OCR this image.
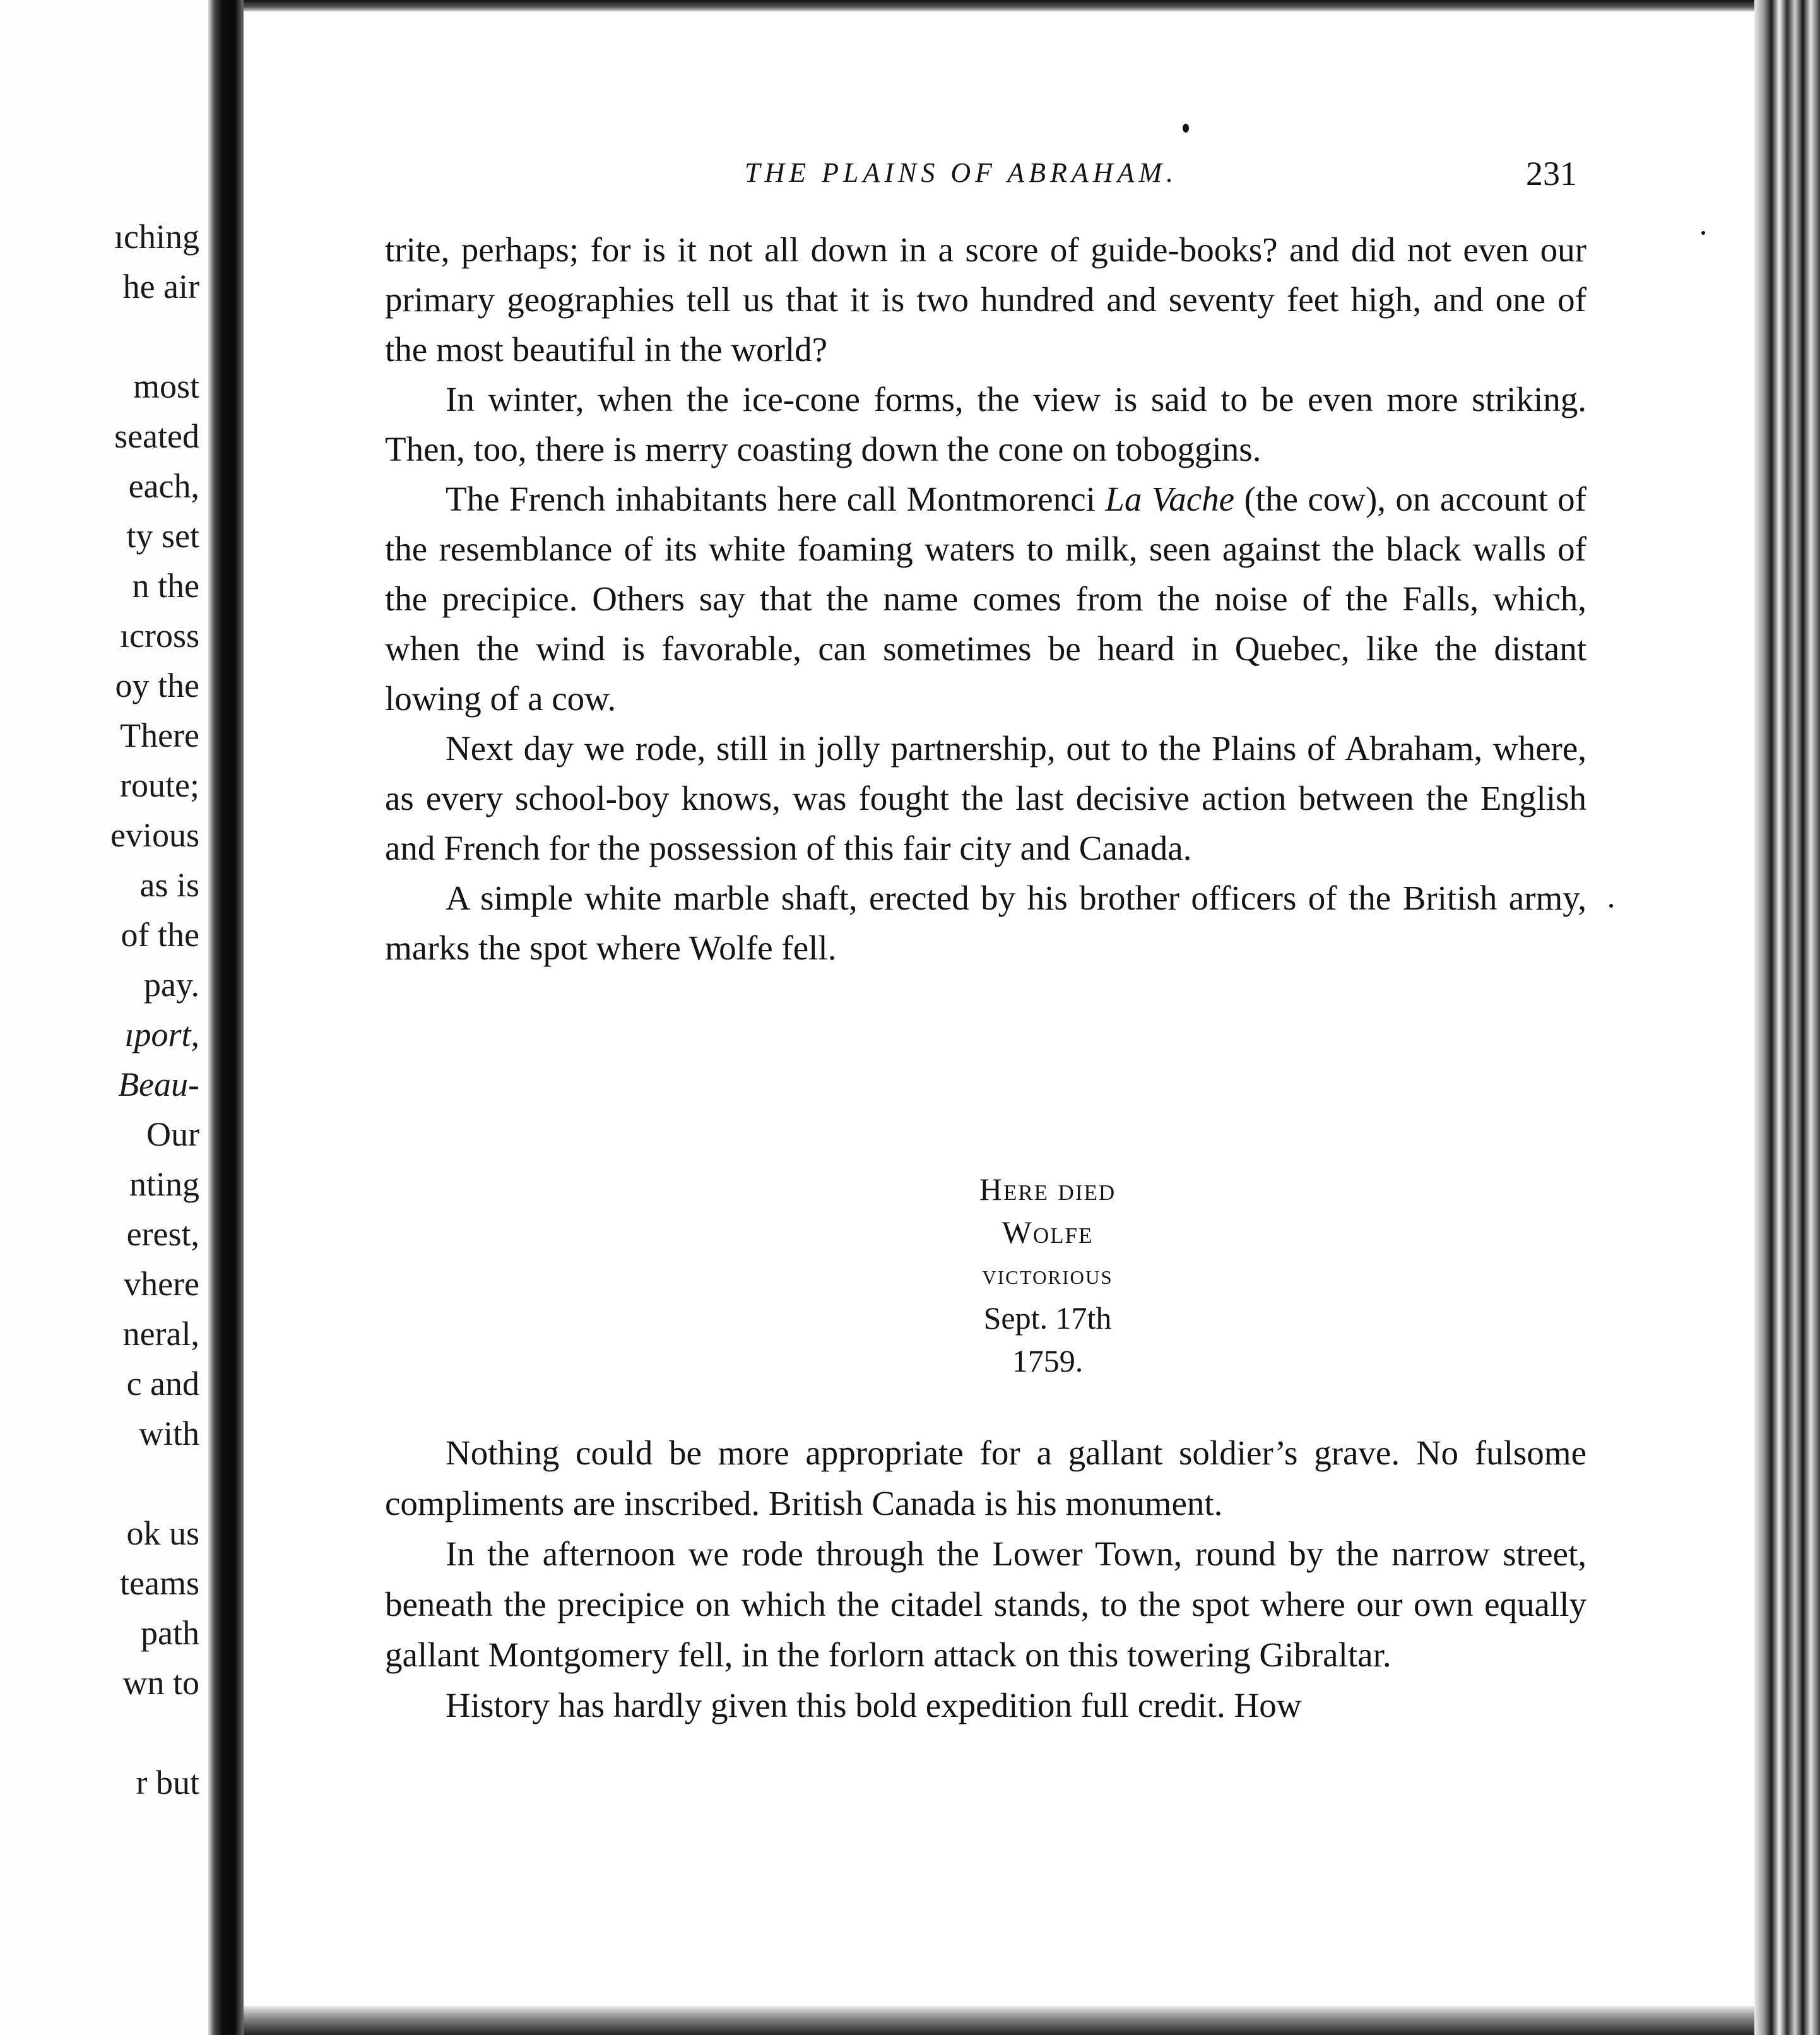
ıching
he air
most
seated
each,
ty set
n the
ıcross
oy the
There
route;
evious
as is
of the
pay.
ıport,
Beau-
Our
nting
erest,
vhere
neral,
c and
with
ok us
teams
path
wn to
r but
THE PLAINS OF ABRAHAM.	231

trite, perhaps; for is it not all down in a score of guide-books? and did not even our primary geographies tell us that it is two hundred and seventy feet high, and one of the most beautiful in the world?

In winter, when the ice-cone forms, the view is said to be even more striking. Then, too, there is merry coasting down the cone on toboggins.

The French inhabitants here call Montmorenci La Vache (the cow), on account of the resemblance of its white foaming waters to milk, seen against the black walls of the precipice. Others say that the name comes from the noise of the Falls, which, when the wind is favorable, can sometimes be heard in Quebec, like the distant lowing of a cow.

Next day we rode, still in jolly partnership, out to the Plains of Abraham, where, as every school-boy knows, was fought the last decisive action between the English and French for the possession of this fair city and Canada.

A simple white marble shaft, erected by his brother officers of the British army, marks the spot where Wolfe fell.

Here died
Wolfe
victorious
Sept. 17th
1759.

Nothing could be more appropriate for a gallant soldier’s grave. No fulsome compliments are inscribed. British Canada is his monument.

In the afternoon we rode through the Lower Town, round by the narrow street, beneath the precipice on which the citadel stands, to the spot where our own equally gallant Montgomery fell, in the forlorn attack on this towering Gibraltar.

History has hardly given this bold expedition full credit. How
